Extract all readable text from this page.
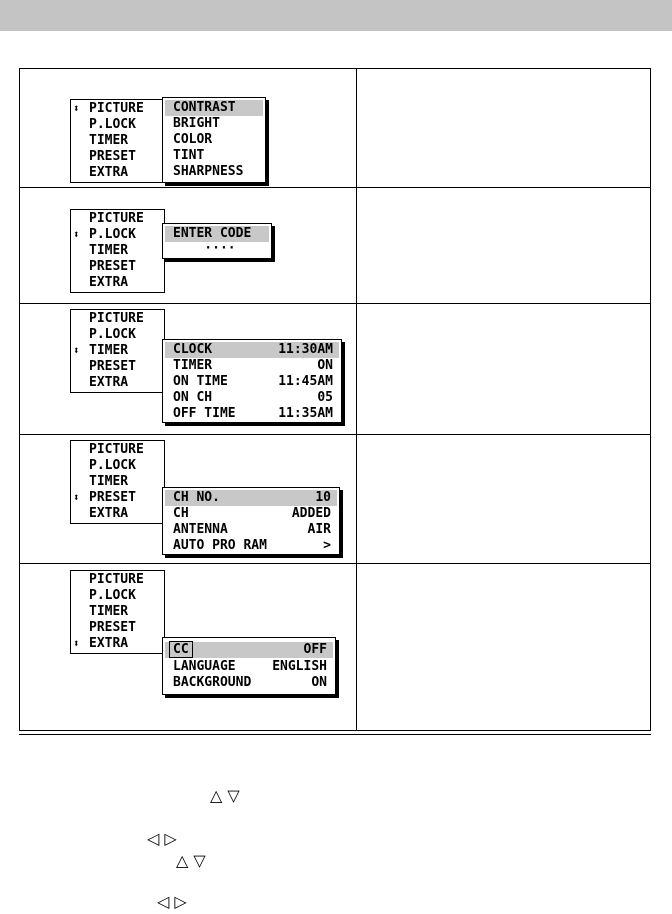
⬍ PICTURE
P.LOCK
TIMER
PRESET
EXTRA
CONTRAST
BRIGHT
COLOR
TINT
SHARPNESS
⬍
PICTURE
P.LOCK
TIMER
PRESET
EXTRA
ENTER CODE
····
⬍
PICTURE
P.LOCK
TIMER
PRESET
EXTRA
CLOCK	11:30AM
TIMER	ON
ON TIME	11:45AM
ON CH	05
OFF TIME	11:35AM
⬍
PICTURE
P.LOCK
TIMER
PRESET
EXTRA
CH NO.	10
CH	ADDED
ANTENNA	AIR
AUTO PRO RAM	>
⬍
PICTURE
P.LOCK
TIMER
PRESET
EXTRA	CC	OFF
LANGUAGE	ENGLISH
BACKGROUND	ON
△ ▽
◁ ▷
△ ▽
◁ ▷
